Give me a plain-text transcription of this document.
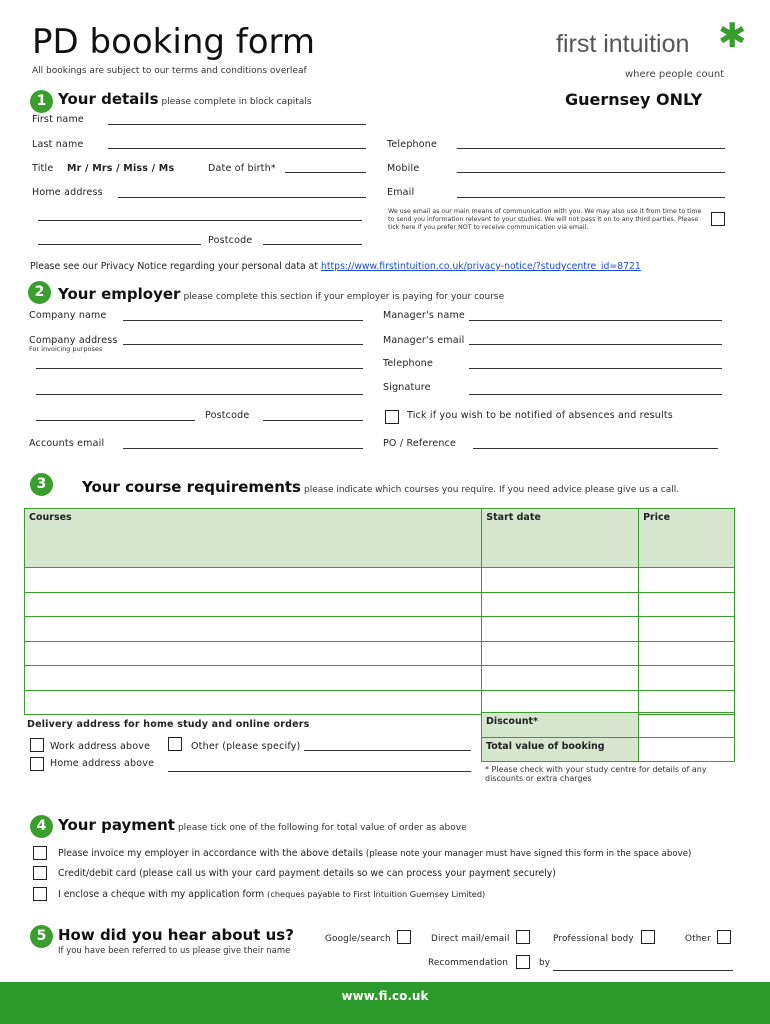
PD booking form
All bookings are subject to our terms and conditions overleaf
first intuition ✱
where people count
Guernsey ONLY
1 Your details please complete in block capitals
First name
Last name
Title Mr / Mrs / Miss / Ms	Date of birth*
Home address
Postcode
Telephone
Mobile
Email
We use email as our main means of communication with you. We may also use it from time to time to send you information relevant to your studies. We will not pass it on to any third parties. Please tick here if you prefer NOT to receive communication via email.
Please see our Privacy Notice regarding your personal data at https://www.firstintuition.co.uk/privacy-notice/?studycentre_id=8721
2 Your employer please complete this section if your employer is paying for your course
Company name
Company address
For invoicing purposes
Postcode
Accounts email
Manager's name
Manager's email
Telephone
Signature
Tick if you wish to be notified of absences and results
PO / Reference
3	Your course requirements please indicate which courses you require. If you need advice please give us a call.
Courses	Start date	Price

Discount*	
Total value of booking	
Delivery address for home study and online orders
Work address above	Other (please specify)
Home address above
* Please check with your study centre for details of any discounts or extra charges
4 Your payment please tick one of the following for total value of order as above
Please invoice my employer in accordance with the above details (please note your manager must have signed this form in the space above)
Credit/debit card (please call us with your card payment details so we can process your payment securely)
I enclose a cheque with my application form (cheques payable to First Intuition Guernsey Limited)
5 How did you hear about us?
If you have been referred to us please give their name
Google/search	Direct mail/email	Professional body	Other
Recommendation	by
www.fi.co.uk
